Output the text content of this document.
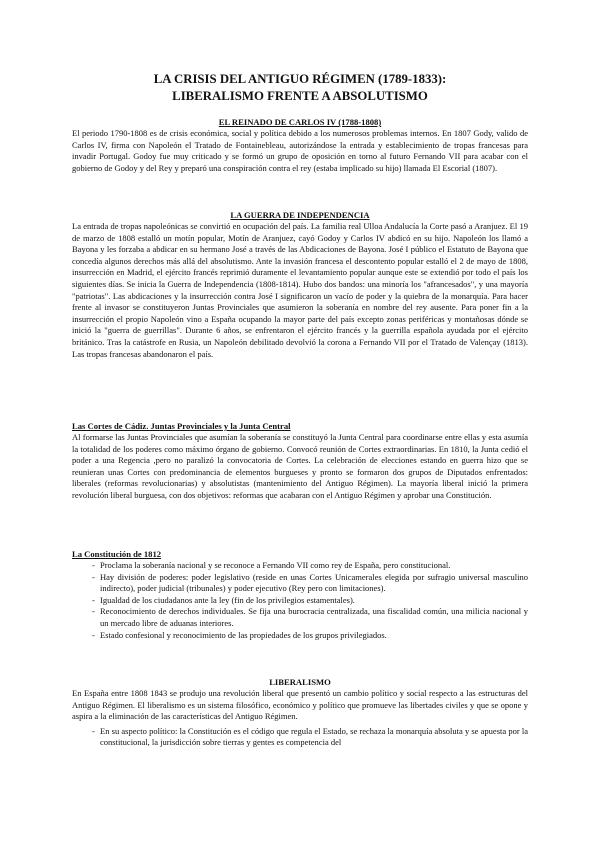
LA CRISIS DEL ANTIGUO RÉGIMEN (1789-1833):

LIBERALISMO FRENTE A ABSOLUTISMO

EL REINADO DE CARLOS IV (1788-1808)

El periodo 1790-1808 es de crisis económica, social y política debido a los numerosos problemas internos. En 1807 Gody, valido de Carlos IV, firma con Napoleón el Tratado de Fontainebleau, autorizándose la entrada y establecimiento de tropas francesas para invadir Portugal. Godoy fue muy criticado y se formó un grupo de oposición en torno al futuro Fernando VII para acabar con el gobierno de Godoy y del Rey y preparó una conspiración contra el rey (estaba implicado su hijo) llamada El Escorial (1807).

LA GUERRA DE INDEPENDENCIA

La entrada de tropas napoleónicas se convirtió en ocupación del país. La familia real Ulloa Andalucía la Corte pasó a Aranjuez. El 19 de marzo de 1808 estalló un motín popular, Motín de Aranjuez, cayó Godoy y Carlos IV abdicó en su hijo. Napoleón los llamó a Bayona y les forzaba a abdicar en su hermano José a través de las Abdicaciones de Bayona. José I público el Estatuto de Bayona que concedía algunos derechos más allá del absolutismo. Ante la invasión francesa el descontento popular estalló el 2 de mayo de 1808, insurrección en Madrid, el ejército francés reprimió duramente el levantamiento popular aunque este se extendió por todo el país los siguientes días. Se inicia la Guerra de Independencia (1808-1814). Hubo dos bandos: una minoría los "afrancesados", y una mayoría "patriotas". Las abdicaciones y la insurrección contra José I significaron un vacío de poder y la quiebra de la monarquía. Para hacer frente al invasor se constituyeron Juntas Provinciales que asumieron la soberanía en nombre del rey ausente. Para poner fin a la insurrección el propio Napoleón vino a España ocupando la mayor parte del país excepto zonas periféricas y montañosas dónde se inició la "guerra de guerrillas". Durante 6 años, se enfrentaron el ejército francés y la guerrilla española ayudada por el ejército británico. Tras la catástrofe en Rusia, un Napoleón debilitado devolvió la corona a Fernando VII por el Tratado de Valençay (1813). Las tropas francesas abandonaron el país.

Las Cortes de Cádiz. Juntas Provinciales y la Junta Central

Al formarse las Juntas Provinciales que asumían la soberanía se constituyó la Junta Central para coordinarse entre ellas y esta asumía la totalidad de los poderes como máximo órgano de gobierno. Convocó reunión de Cortes extraordinarias. En 1810, la Junta cedió el poder a una Regencia ,pero no paralizó la convocatoria de Cortes. La celebración de elecciones estando en guerra hizo que se reunieran unas Cortes con predominancia de elementos burgueses y pronto se formaron dos grupos de Diputados enfrentados: liberales (reformas revolucionarias) y absolutistas (mantenimiento del Antiguo Régimen). La mayoría liberal inició la primera revolución liberal burguesa, con dos objetivos: reformas que acabaran con el Antiguo Régimen y aprobar una Constitución.

La Constitución de 1812

- Proclama la soberanía nacional y se reconoce a Fernando VII como rey de España, pero constitucional.
- Hay división de poderes: poder legislativo (reside en unas Cortes Unicamerales elegida por sufragio universal masculino indirecto), poder judicial (tribunales) y poder ejecutivo (Rey pero con limitaciones).
- Igualdad de los ciudadanos ante la ley (fin de los privilegios estamentales).
- Reconocimiento de derechos individuales. Se fija una burocracia centralizada, una fiscalidad común, una milicia nacional y un mercado libre de aduanas interiores.
- Estado confesional y reconocimiento de las propiedades de los grupos privilegiados.

LIBERALISMO

En España entre 1808 1843 se produjo una revolución liberal que presentó un cambio político y social respecto a las estructuras del Antiguo Régimen. El liberalismo es un sistema filosófico, económico y político que promueve las libertades civiles y que se opone y aspira a la eliminación de las características del Antiguo Régimen.

- En su aspecto político: la Constitución es el código que regula el Estado, se rechaza la monarquía absoluta y se apuesta por la constitucional, la jurisdicción sobre tierras y gentes es competencia del
